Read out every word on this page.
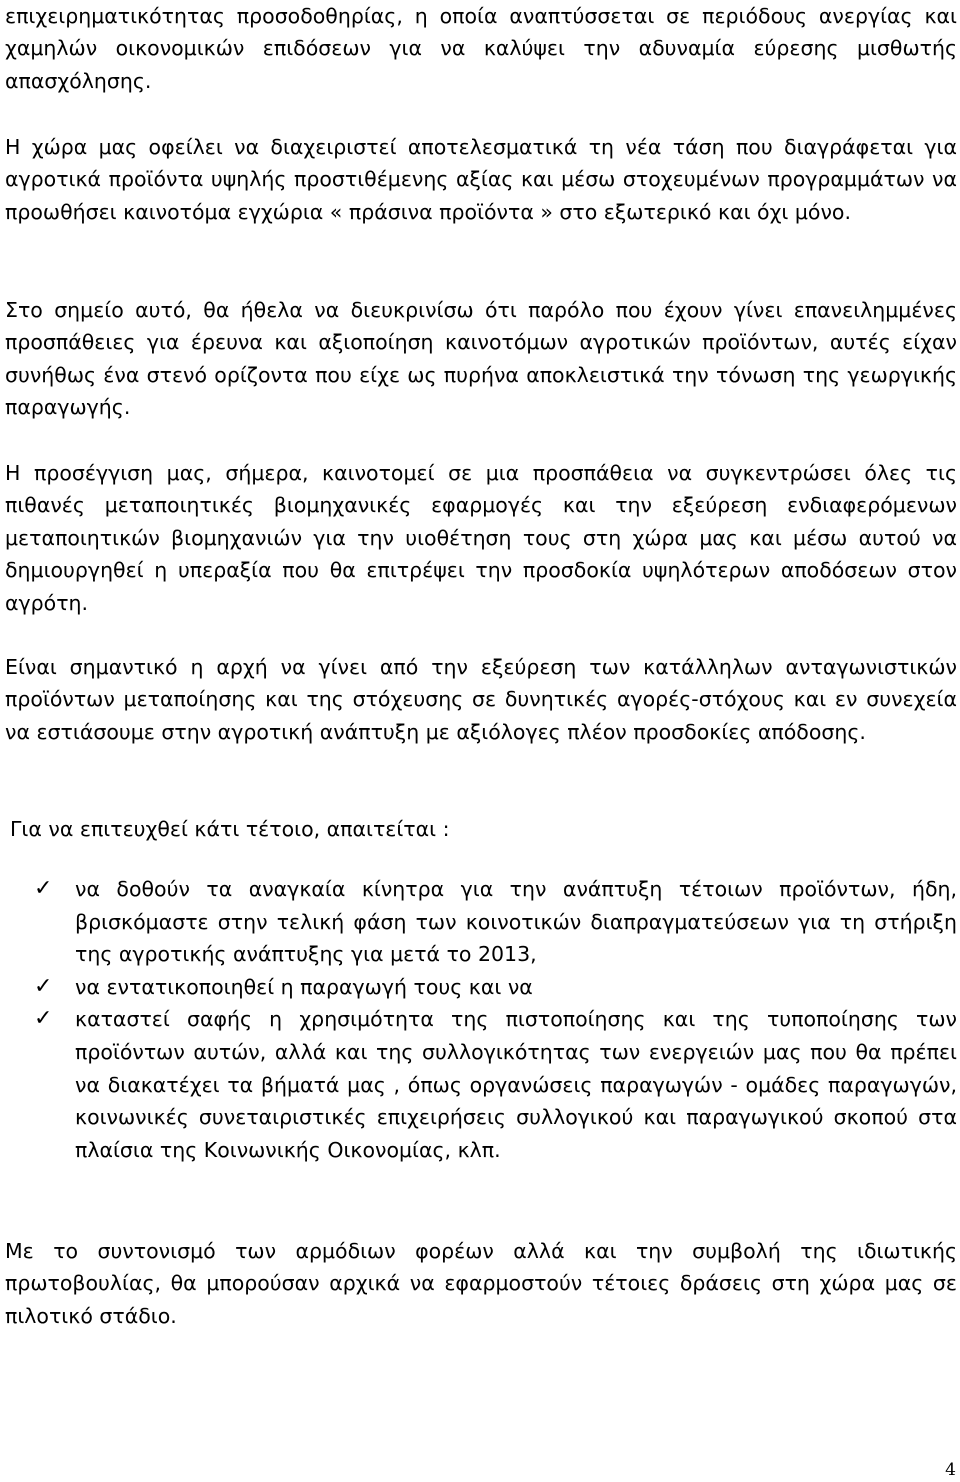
επιχειρηματικότητας προσοδοθηρίας, η οποία αναπτύσσεται σε περιόδους ανεργίας και χαμηλών οικονομικών επιδόσεων για να καλύψει την αδυναμία εύρεσης μισθωτής απασχόλησης.

Η χώρα μας οφείλει να διαχειριστεί αποτελεσματικά τη νέα τάση που διαγράφεται για αγροτικά προϊόντα υψηλής προστιθέμενης αξίας και μέσω στοχευμένων προγραμμάτων να προωθήσει καινοτόμα εγχώρια « πράσινα προϊόντα » στο εξωτερικό και όχι μόνο.

Στο σημείο αυτό, θα ήθελα να διευκρινίσω ότι παρόλο που έχουν γίνει επανειλημμένες προσπάθειες για έρευνα και αξιοποίηση καινοτόμων αγροτικών προϊόντων, αυτές είχαν συνήθως ένα στενό ορίζοντα που είχε ως πυρήνα αποκλειστικά την τόνωση της γεωργικής παραγωγής.

Η προσέγγιση μας, σήμερα, καινοτομεί σε μια προσπάθεια να συγκεντρώσει όλες τις πιθανές μεταποιητικές βιομηχανικές εφαρμογές και την εξεύρεση ενδιαφερόμενων μεταποιητικών βιομηχανιών για την υιοθέτηση τους στη χώρα μας και μέσω αυτού να δημιουργηθεί η υπεραξία που θα επιτρέψει την προσδοκία υψηλότερων αποδόσεων στον αγρότη.

Είναι σημαντικό η αρχή να γίνει από την εξεύρεση των κατάλληλων ανταγωνιστικών προϊόντων μεταποίησης και της στόχευσης σε δυνητικές αγορές-στόχους και εν συνεχεία να εστιάσουμε στην αγροτική ανάπτυξη με αξιόλογες πλέον προσδοκίες απόδοσης.

Για να επιτευχθεί κάτι τέτοιο, απαιτείται :

✓ να δοθούν τα αναγκαία κίνητρα για την ανάπτυξη τέτοιων προϊόντων, ήδη, βρισκόμαστε στην τελική φάση των κοινοτικών διαπραγματεύσεων για τη στήριξη της αγροτικής ανάπτυξης για μετά το 2013,
✓ να εντατικοποιηθεί η παραγωγή τους και να
✓ καταστεί σαφής η χρησιμότητα της πιστοποίησης και της τυποποίησης των προϊόντων αυτών, αλλά και της συλλογικότητας των ενεργειών μας που θα πρέπει να διακατέχει τα βήματά μας , όπως οργανώσεις παραγωγών - ομάδες παραγωγών, κοινωνικές συνεταιριστικές επιχειρήσεις συλλογικού και παραγωγικού σκοπού στα πλαίσια της Κοινωνικής Οικονομίας, κλπ.

Με το συντονισμό των αρμόδιων φορέων αλλά και την συμβολή της ιδιωτικής πρωτοβουλίας, θα μπορούσαν αρχικά να εφαρμοστούν τέτοιες δράσεις στη χώρα μας σε πιλοτικό στάδιο.

4
